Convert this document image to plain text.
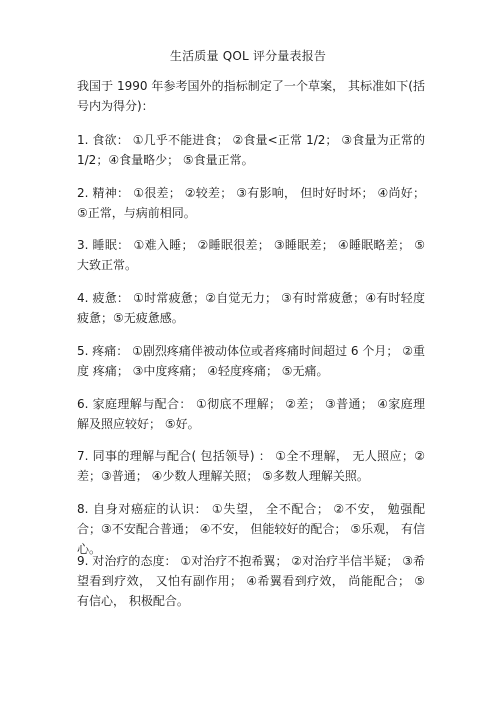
生活质量 QOL 评分量表报告
我国于 1990 年参考国外的指标制定了一个草案， 其标准如下(括号内为得分)：
1. 食欲： ①几乎不能进食； ②食量<正常 1/2； ③食量为正常的 1/2；④食量略少； ⑤食量正常。
2. 精神： ①很差； ②较差； ③有影响， 但时好时坏； ④尚好；⑤正常，与病前相同。
3. 睡眠： ①难入睡； ②睡眠很差； ③睡眠差； ④睡眠略差； ⑤大致正常。
4. 疲惫： ①时常疲惫；②自觉无力； ③有时常疲惫；④有时轻度疲惫；⑤无疲惫感。
5. 疼痛： ①剧烈疼痛伴被动体位或者疼痛时间超过 6 个月； ②重度 疼痛； ③中度疼痛； ④轻度疼痛； ⑤无痛。
6. 家庭理解与配合： ①彻底不理解； ②差； ③普通； ④家庭理解及照应较好； ⑤好。
7. 同事的理解与配合( 包括领导) ： ①全不理解， 无人照应；②差；③普通； ④少数人理解关照； ⑤多数人理解关照。
8. 自身对癌症的认识： ①失望， 全不配合； ②不安， 勉强配合；③不安配合普通； ④不安， 但能较好的配合； ⑤乐观， 有信心。
9. 对治疗的态度： ①对治疗不抱希翼； ②对治疗半信半疑； ③希望看到疗效， 又怕有副作用； ④希翼看到疗效， 尚能配合； ⑤有信心， 积极配合。
